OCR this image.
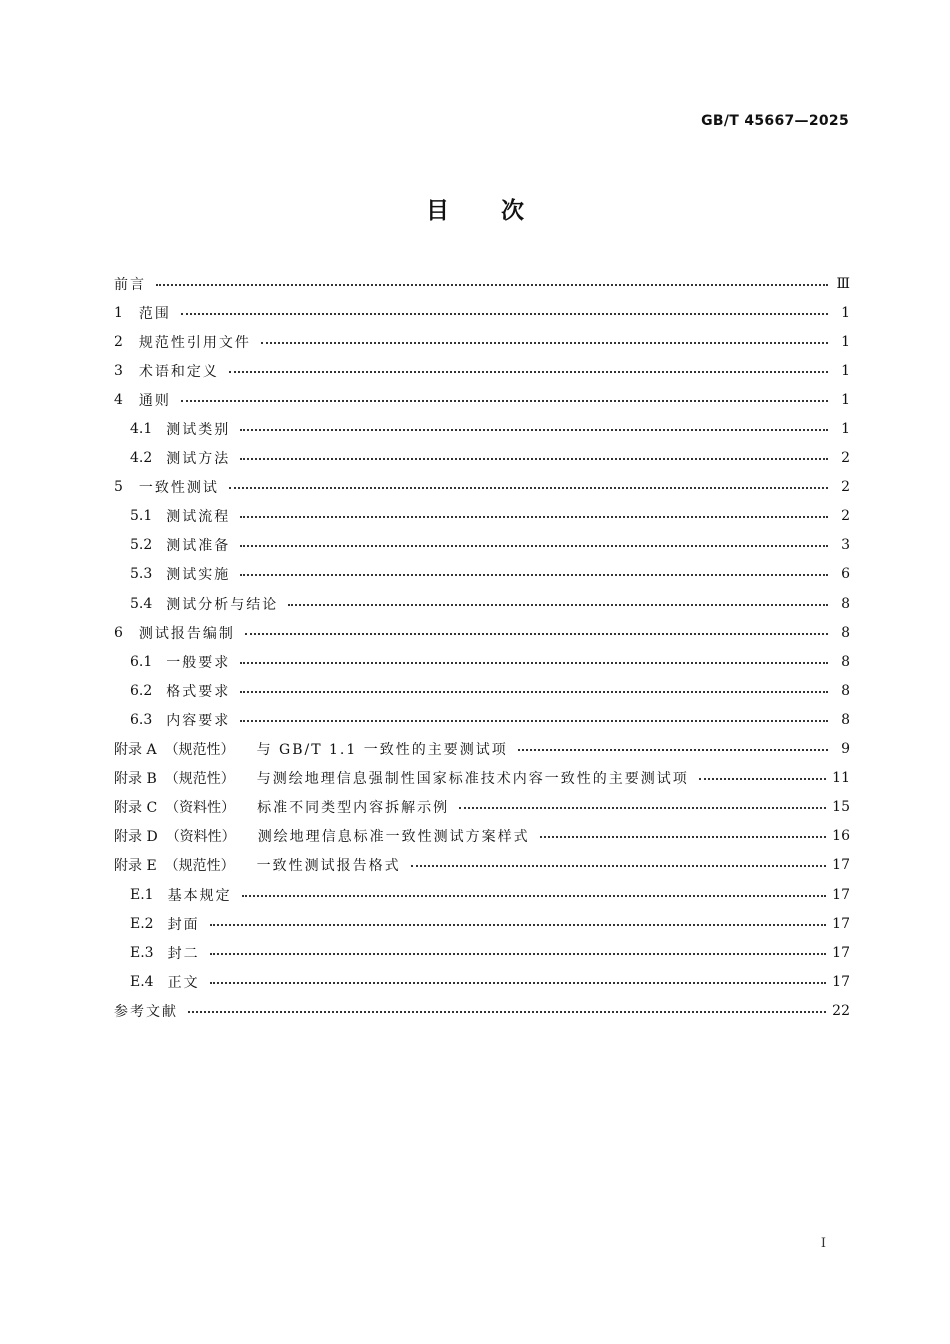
GB/T 45667—2025
目次
前言	Ⅲ
1 范围	1
2 规范性引用文件	1
3 术语和定义	1
4 通则	1
4.1 测试类别	1
4.2 测试方法	2
5 一致性测试	2
5.1 测试流程	2
5.2 测试准备	3
5.3 测试实施	6
5.4 测试分析与结论	8
6 测试报告编制	8
6.1 一般要求	8
6.2 格式要求	8
6.3 内容要求	8
附录 A （规范性） 与 GB/T 1.1 一致性的主要测试项	9
附录 B （规范性） 与测绘地理信息强制性国家标准技术内容一致性的主要测试项	11
附录 C （资料性） 标准不同类型内容拆解示例	15
附录 D （资料性） 测绘地理信息标准一致性测试方案样式	16
附录 E （规范性） 一致性测试报告格式	17
E.1 基本规定	17
E.2 封面	17
E.3 封二	17
E.4 正文	17
参考文献	22
I
